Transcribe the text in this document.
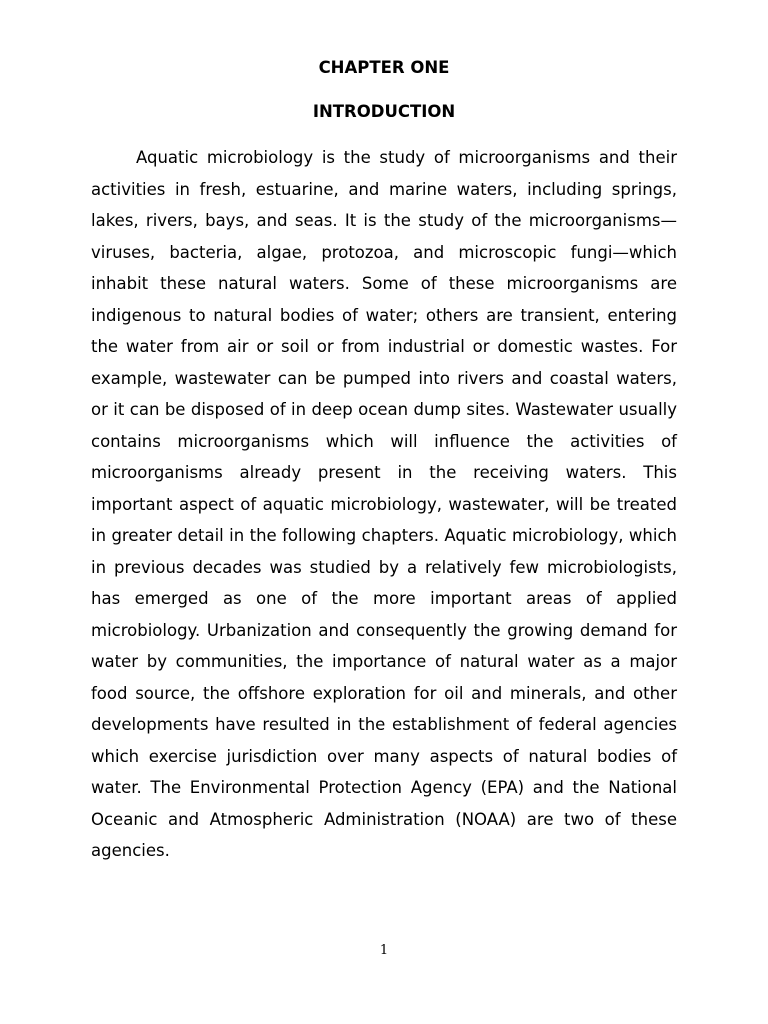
CHAPTER ONE
INTRODUCTION

Aquatic microbiology is the study of microorganisms and their activities in fresh, estuarine, and marine waters, including springs, lakes, rivers, bays, and seas. It is the study of the microorganisms—viruses, bacteria, algae, protozoa, and microscopic fungi—which inhabit these natural waters. Some of these microorganisms are indigenous to natural bodies of water; others are transient, entering the water from air or soil or from industrial or domestic wastes. For example, wastewater can be pumped into rivers and coastal waters, or it can be disposed of in deep ocean dump sites. Wastewater usually contains microorganisms which will influence the activities of microorganisms already present in the receiving waters. This important aspect of aquatic microbiology, wastewater, will be treated in greater detail in the following chapters. Aquatic microbiology, which in previous decades was studied by a relatively few microbiologists, has emerged as one of the more important areas of applied microbiology. Urbanization and consequently the growing demand for water by communities, the importance of natural water as a major food source, the offshore exploration for oil and minerals, and other developments have resulted in the establishment of federal agencies which exercise jurisdiction over many aspects of natural bodies of water. The Environmental Protection Agency (EPA) and the National Oceanic and Atmospheric Administration (NOAA) are two of these agencies.

1
